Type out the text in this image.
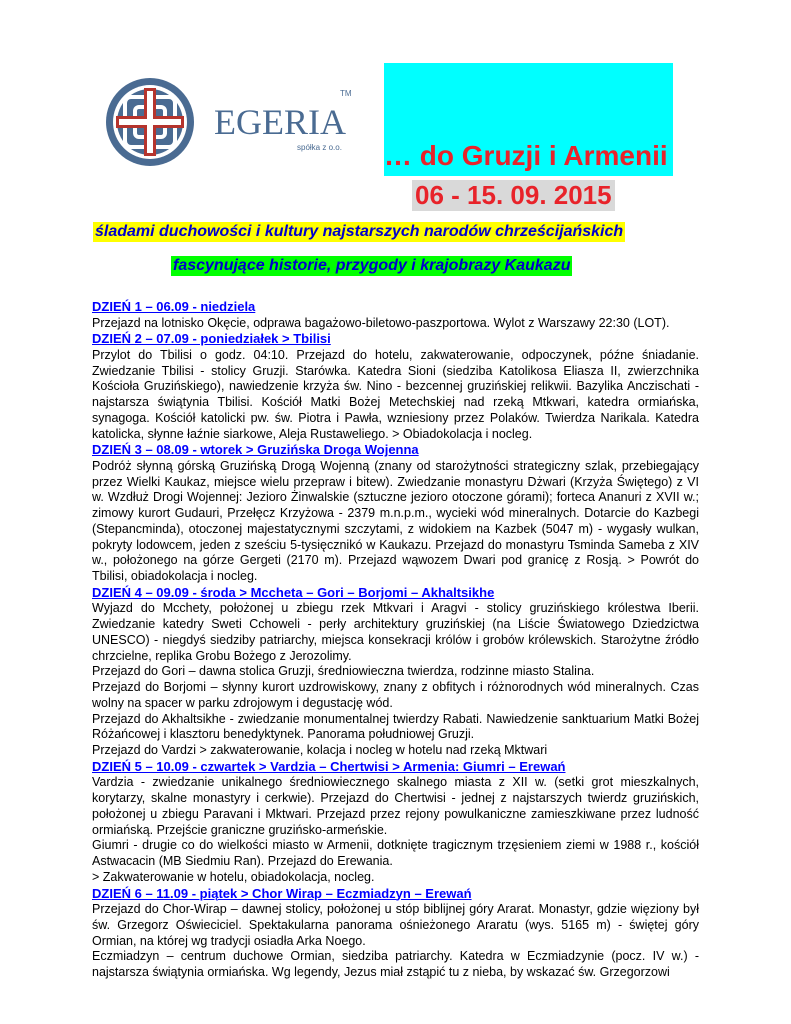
EGERIA
TM
spółka z o.o. … do Gruzji i Armenii
06 - 15. 09. 2015
śladami duchowości i kultury najstarszych narodów chrześcijańskich
fascynujące historie, przygody i krajobrazy Kaukazu
DZIEŃ 1 – 06.09 - niedziela

Przejazd na lotnisko Okęcie, odprawa bagażowo-biletowo-paszportowa. Wylot z Warszawy 22:30 (LOT).

DZIEŃ 2 – 07.09 - poniedziałek > Tbilisi

Przylot do Tbilisi o godz. 04:10. Przejazd do hotelu, zakwaterowanie, odpoczynek, późne śniadanie. Zwiedzanie Tbilisi - stolicy Gruzji. Starówka. Katedra Sioni (siedziba Katolikosa Eliasza II, zwierzchnika Kościoła Gruzińskiego), nawiedzenie krzyża św. Nino - bezcennej gruzińskiej relikwii. Bazylika Anczischati - najstarsza świątynia Tbilisi. Kościół Matki Bożej Metechskiej nad rzeką Mtkwari, katedra ormiańska, synagoga. Kościół katolicki pw. św. Piotra i Pawła, wzniesiony przez Polaków. Twierdza Narikala. Katedra katolicka, słynne łaźnie siarkowe, Aleja Rustaweliego. > Obiadokolacja i nocleg.

DZIEŃ 3 – 08.09 - wtorek > Gruzińska Droga Wojenna

Podróż słynną górską Gruzińską Drogą Wojenną (znany od starożytności strategiczny szlak, przebiegający przez Wielki Kaukaz, miejsce wielu przepraw i bitew). Zwiedzanie monastyru Dżwari (Krzyża Świętego) z VI w. Wzdłuż Drogi Wojennej: Jezioro Żinwalskie (sztuczne jezioro otoczone górami); forteca Ananuri z XVII w.; zimowy kurort Gudauri, Przełęcz Krzyżowa - 2379 m.n.p.m., wycieki wód mineralnych. Dotarcie do Kazbegi (Stepancminda), otoczonej majestatycznymi szczytami, z widokiem na Kazbek (5047 m) - wygasły wulkan, pokryty lodowcem, jeden z sześciu 5-tysięcznikó w Kaukazu. Przejazd do monastyru Tsminda Sameba z XIV w., położonego na górze Gergeti (2170 m). Przejazd wąwozem Dwari pod granicę z Rosją. > Powrót do Tbilisi, obiadokolacja i nocleg.

DZIEŃ 4 – 09.09 - środa > Mccheta – Gori – Borjomi – Akhaltsikhe

Wyjazd do Mcchety, położonej u zbiegu rzek Mtkvari i Aragvi - stolicy gruzińskiego królestwa Iberii. Zwiedzanie katedry Sweti Cchoweli - perły architektury gruzińskiej (na Liście Światowego Dziedzictwa UNESCO) - niegdyś siedziby patriarchy, miejsca konsekracji królów i grobów królewskich. Starożytne źródło chrzcielne, replika Grobu Bożego z Jerozolimy.

Przejazd do Gori – dawna stolica Gruzji, średniowieczna twierdza, rodzinne miasto Stalina.

Przejazd do Borjomi – słynny kurort uzdrowiskowy, znany z obfitych i różnorodnych wód mineralnych. Czas wolny na spacer w parku zdrojowym i degustację wód.

Przejazd do Akhaltsikhe - zwiedzanie monumentalnej twierdzy Rabati. Nawiedzenie sanktuarium Matki Bożej Różańcowej i klasztoru benedyktynek. Panorama południowej Gruzji.

Przejazd do Vardzi > zakwaterowanie, kolacja i nocleg w hotelu nad rzeką Mktwari

DZIEŃ 5 – 10.09 - czwartek > Vardzia – Chertwisi > Armenia: Giumri – Erewań

Vardzia - zwiedzanie unikalnego średniowiecznego skalnego miasta z XII w. (setki grot mieszkalnych, korytarzy, skalne monastyry i cerkwie). Przejazd do Chertwisi - jednej z najstarszych twierdz gruzińskich, położonej u zbiegu Paravani i Mktwari. Przejazd przez rejony powulkaniczne zamieszkiwane przez ludność ormiańską. Przejście graniczne gruzińsko-armeńskie.

Giumri - drugie co do wielkości miasto w Armenii, dotknięte tragicznym trzęsieniem ziemi w 1988 r., kościół Astwacacin (MB Siedmiu Ran). Przejazd do Erewania.

> Zakwaterowanie w hotelu, obiadokolacja, nocleg.

DZIEŃ 6 – 11.09 - piątek > Chor Wirap – Eczmiadzyn – Erewań

Przejazd do Chor-Wirap – dawnej stolicy, położonej u stóp biblijnej góry Ararat. Monastyr, gdzie więziony był św. Grzegorz Oświeciciel. Spektakularna panorama ośnieżonego Araratu (wys. 5165 m) - świętej góry Ormian, na której wg tradycji osiadła Arka Noego.

Eczmiadzyn – centrum duchowe Ormian, siedziba patriarchy. Katedra w Eczmiadzynie (pocz. IV w.) - najstarsza świątynia ormiańska. Wg legendy, Jezus miał zstąpić tu z nieba, by wskazać św. Grzegorzowi
